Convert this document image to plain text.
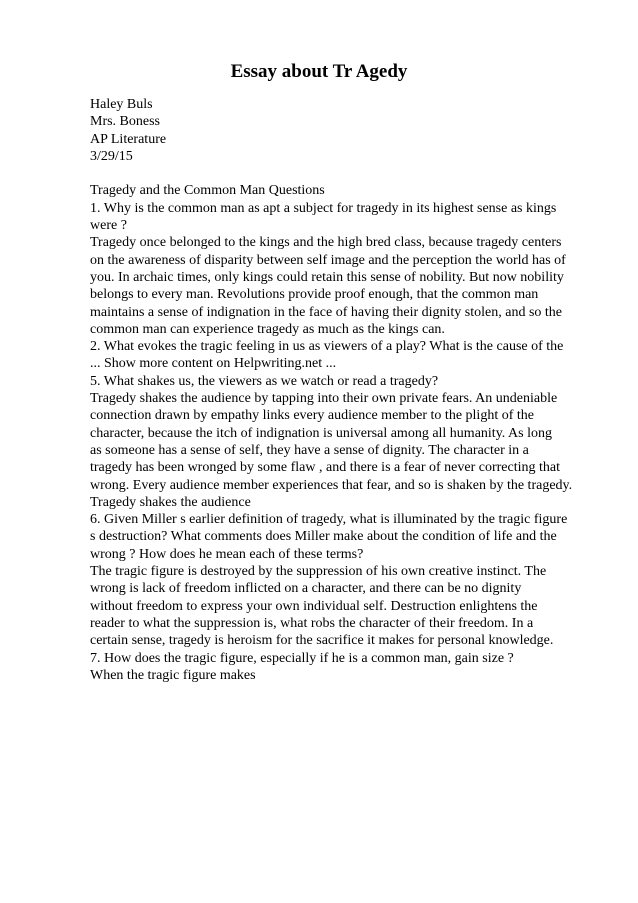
Essay about Tr Agedy
Haley Buls
Mrs. Boness
AP Literature
3/29/15
Tragedy and the Common Man Questions
1. Why is the common man as apt a subject for tragedy in its highest sense as kings
were ?
Tragedy once belonged to the kings and the high bred class, because tragedy centers
on the awareness of disparity between self image and the perception the world has of
you. In archaic times, only kings could retain this sense of nobility. But now nobility
belongs to every man. Revolutions provide proof enough, that the common man
maintains a sense of indignation in the face of having their dignity stolen, and so the
common man can experience tragedy as much as the kings can.
2. What evokes the tragic feeling in us as viewers of a play? What is the cause of the
... Show more content on Helpwriting.net ...
5. What shakes us, the viewers as we watch or read a tragedy?
Tragedy shakes the audience by tapping into their own private fears. An undeniable
connection drawn by empathy links every audience member to the plight of the
character, because the itch of indignation is universal among all humanity. As long
as someone has a sense of self, they have a sense of dignity. The character in a
tragedy has been wronged by some flaw , and there is a fear of never correcting that
wrong. Every audience member experiences that fear, and so is shaken by the tragedy.
Tragedy shakes the audience
6. Given Miller s earlier definition of tragedy, what is illuminated by the tragic figure
s destruction? What comments does Miller make about the condition of life and the
wrong ? How does he mean each of these terms?
The tragic figure is destroyed by the suppression of his own creative instinct. The
wrong is lack of freedom inflicted on a character, and there can be no dignity
without freedom to express your own individual self. Destruction enlightens the
reader to what the suppression is, what robs the character of their freedom. In a
certain sense, tragedy is heroism for the sacrifice it makes for personal knowledge.
7. How does the tragic figure, especially if he is a common man, gain size ?
When the tragic figure makes
